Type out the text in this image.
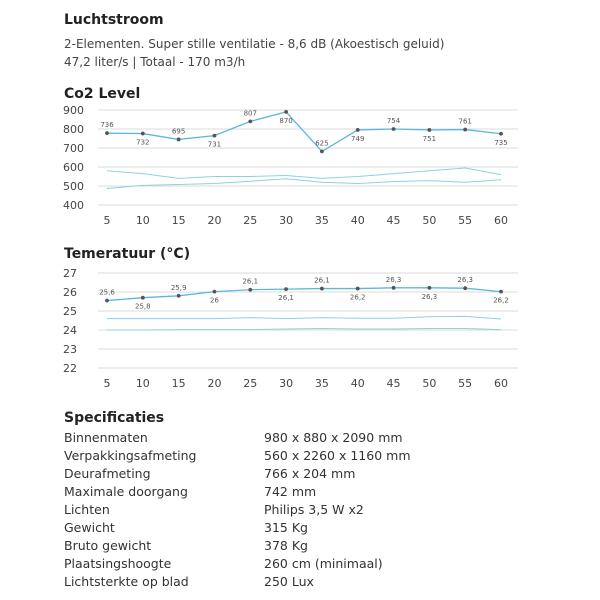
Luchtstroom
2-Elementen. Super stille ventilatie - 8,6 dB (Akoestisch geluid)
47,2 liter/s | Totaal - 170 m3/h
Co2 Level
400
500
600
700
800
900
5 10 15 20 25 30 35 40 45 50 55 60
736
732
695
731
807
870
625
749
754
751
761
735
Temeratuur (°C)
22
23
24
25
26
27
5 10 15 20 25 30 35 40 45 50 55 60
25,6
25,8
25,9
26
26,1
26,1
26,1
26,2
26,3
26,3
26,3
26,2
Specificaties
Binnenmaten	980 x 880 x 2090 mm
Verpakkingsafmeting	560 x 2260 x 1160 mm
Deurafmeting	766 x 204 mm
Maximale doorgang	742 mm
Lichten	Philips 3,5 W x2
Gewicht	315 Kg
Bruto gewicht	378 Kg
Plaatsingshoogte	260 cm (minimaal)
Lichtsterkte op blad	250 Lux
